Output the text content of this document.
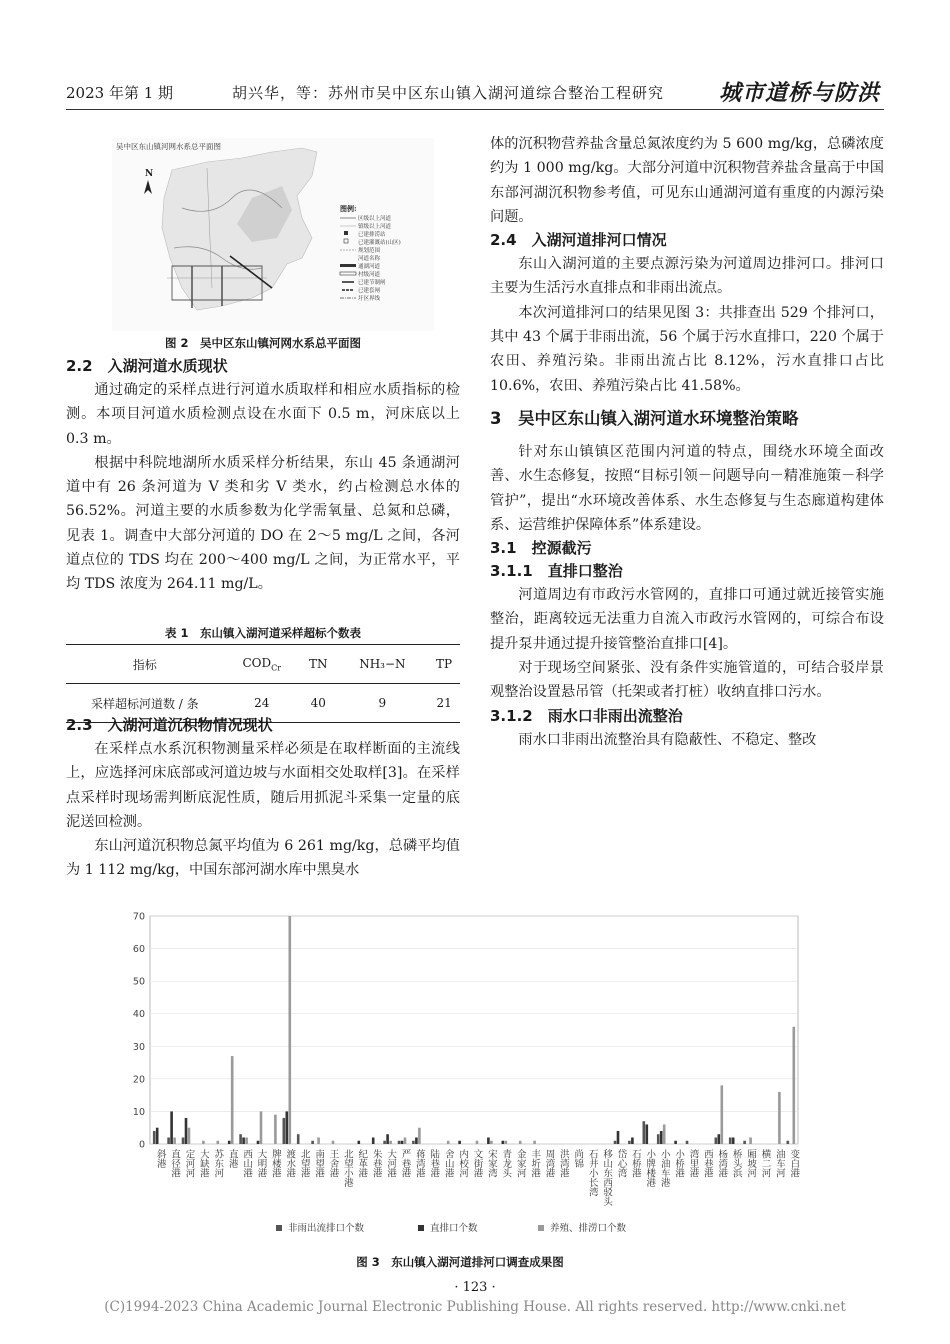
2023 年第 1 期	胡兴华，等：苏州市吴中区东山镇入湖河道综合整治工程研究 城市道桥与防洪
吴中区东山镇河网水系总平面图
N
图例:
区级以上河道
镇级以上河道
已建排涝站
已建灌溉站(山区)
规划范围
河道名称
通湖河道
村级河道
已建节制闸
已建套闸
圩区界线
图 2　吴中区东山镇河网水系总平面图
2.2　入湖河道水质现状

通过确定的采样点进行河道水质取样和相应水质指标的检测。本项目河道水质检测点设在水面下 0.5 m，河床底以上 0.3 m。

根据中科院地湖所水质采样分析结果，东山 45 条通湖河道中有 26 条河道为 V 类和劣 V 类水，约占检测总水体的 56.52%。河道主要的水质参数为化学需氧量、总氮和总磷，见表 1。调查中大部分河道的 DO 在 2～5 mg/L 之间，各河道点位的 TDS 均在 200～400 mg/L 之间，为正常水平，平均 TDS 浓度为 264.11 mg/L。

表 1　东山镇入湖河道采样超标个数表
指标	$COD_{Cr}$	TN	NH₃−N	TP
采样超标河道数 / 条	24	40	9	21
2.3　入湖河道沉积物情况现状

在采样点水系沉积物测量采样必须是在取样断面的主流线上，应选择河床底部或河道边坡与水面相交处取样[3]。在采样点采样时现场需判断底泥性质，随后用抓泥斗采集一定量的底泥送回检测。

东山河道沉积物总氮平均值为 6 261 mg/kg，总磷平均值为 1 112 mg/kg，中国东部河湖水库中黑臭水

体的沉积物营养盐含量总氮浓度约为 5 600 mg/kg，总磷浓度约为 1 000 mg/kg。大部分河道中沉积物营养盐含量高于中国东部河湖沉积物参考值，可见东山通湖河道有重度的内源污染问题。

2.4　入湖河道排河口情况

东山入湖河道的主要点源污染为河道周边排河口。排河口主要为生活污水直排点和非雨出流点。

本次河道排河口的结果见图 3：共排查出 529 个排河口，其中 43 个属于非雨出流，56 个属于污水直排口，220 个属于农田、养殖污染。非雨出流占比 8.12%，污水直排口占比 10.6%，农田、养殖污染占比 41.58%。

3　吴中区东山镇入湖河道水环境整治策略

针对东山镇镇区范围内河道的特点，围绕水环境全面改善、水生态修复，按照“目标引领－问题导向－精准施策－科学管护”，提出“水环境改善体系、水生态修复与生态廊道构建体系、运营维护保障体系”体系建设。

3.1　控源截污
3.1.1　直排口整治

河道周边有市政污水管网的，直排口可通过就近接管实施整治，距离较远无法重力自流入市政污水管网的，可综合布设提升泵井通过提升接管整治直排口[4]。

对于现场空间紧张、没有条件实施管道的，可结合驳岸景观整治设置悬吊管（托架或者打桩）收纳直排口污水。

3.1.2　雨水口非雨出流整治

雨水口非雨出流整治具有隐蔽性、不稳定、整改

0
10
20
30
40
50
60
70
斜港 直径港 定河河 大缺港 苏东河 直港 西山港 大明港 牌楼港 渡水港 北望港 南望港 王舍港 北望小港 纪革港 朱巷港 大河港 严巷港 蒋湾港 陆巷港 舍山港 内校河 文街港 宋家湾 青龙头 金家河 丰圻港 周湾港 洪湾港 尚锦 石井小长湾 移山东西驳头 岱心湾 石桥港 小牌楼港 小油车港 小桥港 湾里港 西巷港 杨湾港 桥头浜 厢坡河 横二河 油车河 变白港
非雨出流排口个数	直排口个数	养殖、排涝口个数
图 3　东山镇入湖河道排河口调查成果图
· 123 ·
(C)1994-2023 China Academic Journal Electronic Publishing House. All rights reserved. http://www.cnki.net
